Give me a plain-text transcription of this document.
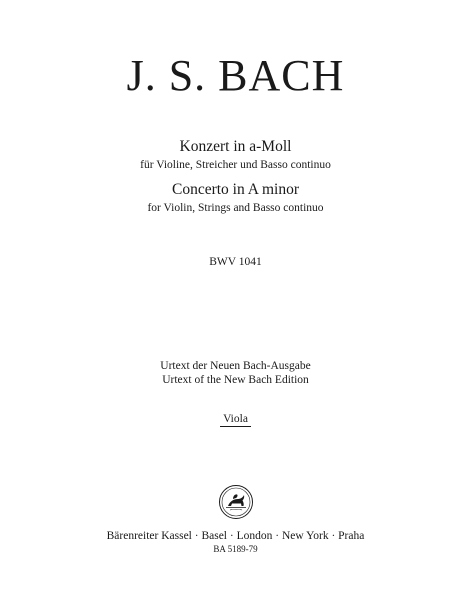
J. S. BACH
Konzert in a-Moll
für Violine, Streicher und Basso continuo
Concerto in A minor
for Violin, Strings and Basso continuo
BWV 1041
Urtext der Neuen Bach-Ausgabe
Urtext of the New Bach Edition
Viola
Bärenreiter Kassel · Basel · London · New York · Praha
BA 5189-79
